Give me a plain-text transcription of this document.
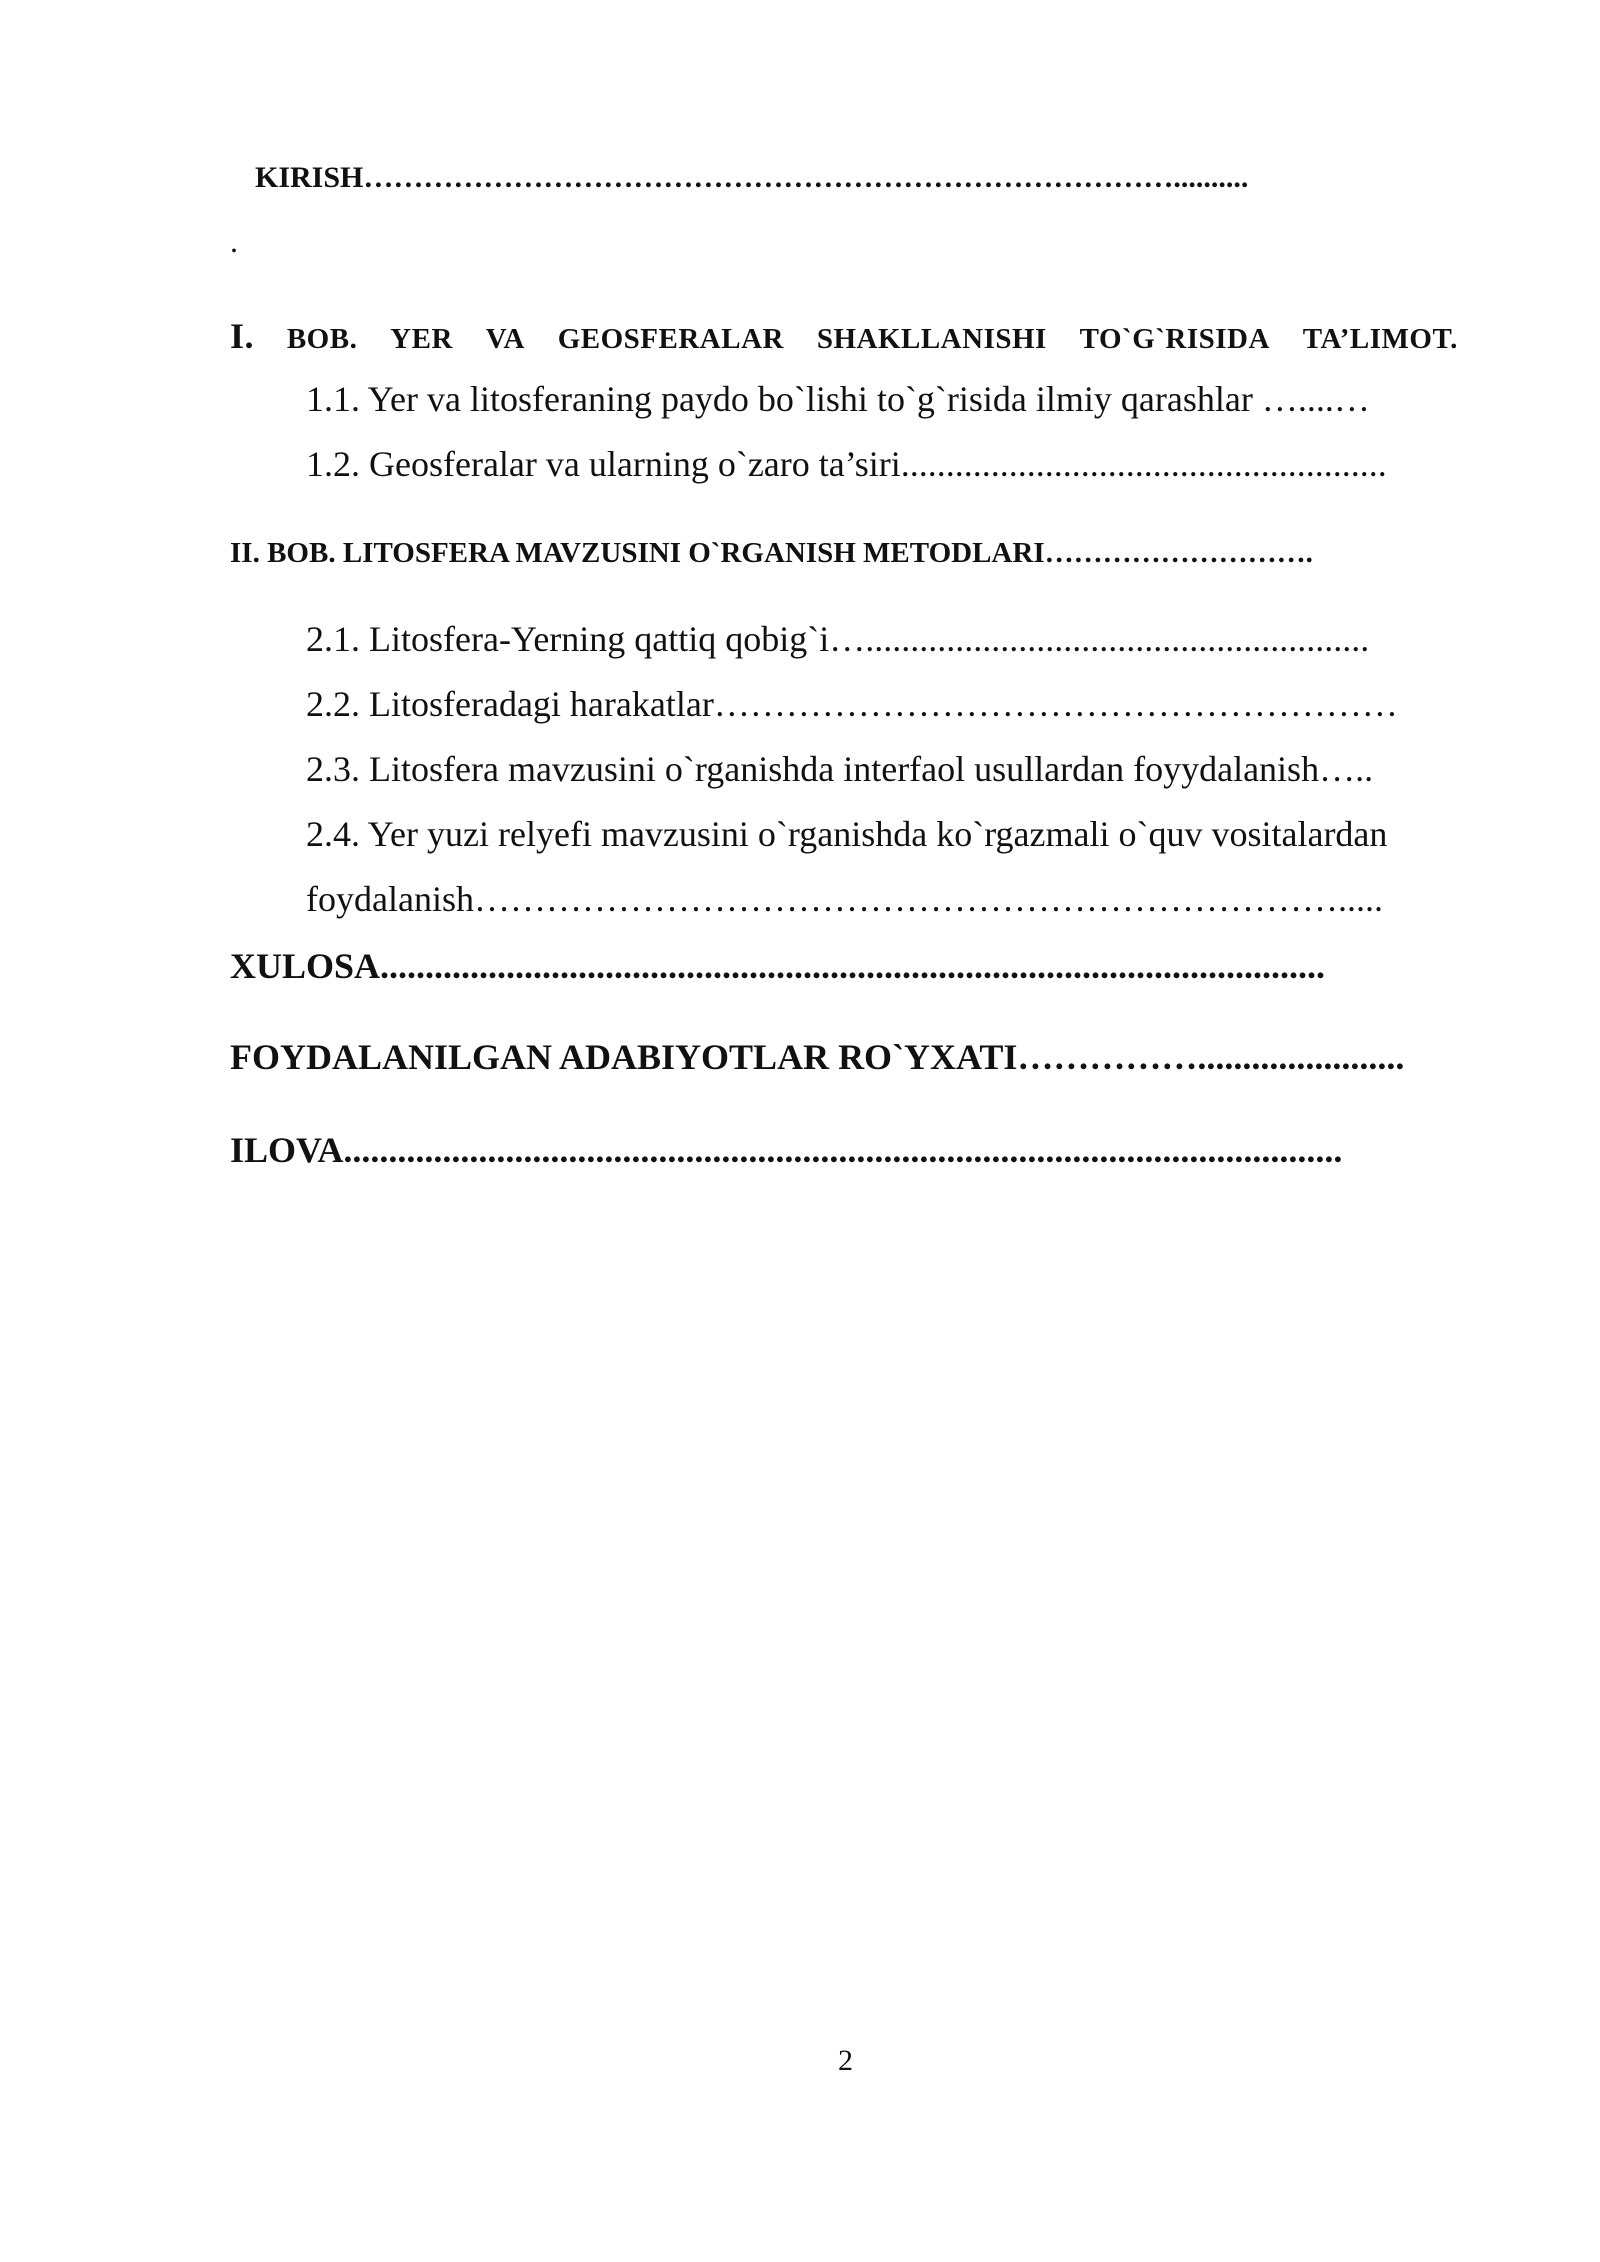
KIRISH………………………………………………………………………..........
.
I. BOB. YER VA GEOSFERALAR SHAKLLANISHI TO`G`RISIDA TA’LIMOT.
1.1. Yer va litosferaning paydo bo`lishi to`g`risida ilmiy qarashlar …....…
1.2. Geosferalar va ularning o`zaro ta’siri......................................................
II. BOB. LITOSFERA MAVZUSINI O`RGANISH METODLARI……………………….
2.1. Litosfera-Yerning qattiq qobig`i…........................................................
2.2. Litosferadagi harakatlar…………………………………………………
2.3. Litosfera mavzusini o`rganishda interfaol usullardan foyydalanish…..
2.4. Yer yuzi relyefi mavzusini o`rganishda ko`rgazmali o`quv vositalardan
foydalanish……………………………………………………………….....
XULOSA.........................................................................................................
FOYDALANILGAN ADABIYOTLAR RO`YXATI…………….......................
ILOVA...............................................................................................................
2
